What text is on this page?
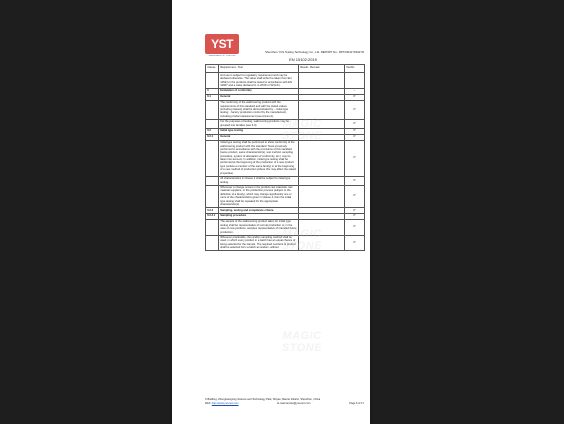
YST
SHENZHEN YST TESTING
Shenzhen YCS Testing Technology Co., Ltd. REPORT No.: RPT2304170344YR
EN 15102:2019
Clause	Requirement - Test	Result - Remark	Verdict
	end use is subject to regulatory requirement and may be declared otherwise. The value shall either be taken from EN 12524 or the products shall be tested in accordance with EN 12667 and a value declared in m·2K/W or W/(mK).		
6	Evaluation of conformity		–
6.1	General		P
	The conformity of the wallcovering product with the requirements of this standard and with the stated values (including classes) shall be demonstrated by: - initial type testing; - factory production control by the manufacturer, including product assessment (see Annex A).		P
	For the purposes of testing, wallcovering products may be grouped into families (see 6.3).		P
6.2	Initial type testing		P
6.2.1	General		P
	Initial type testing shall be performed to show conformity of the wallcovering product with this standard. Tests previously performed in accordance with the provisions of this standard (same product, same characteristic(s), test method, sampling procedure, system of attestation of conformity, etc.) may be taken into account. In addition, initial type testing shall be performed at the beginning of the production of a new product type (unless a member of the same family) or at the beginning of a new method of production (where this may affect the stated properties).		P
	All characteristics in Clause 4 shall be subject to initial type testing.		P
	Whenever a change occurs in the product raw materials, raw material suppliers, or the production process (subject to the definition of a family), which may change significantly one or more of the characteristics given in Clause 4, then the initial type testing shall be repeated for the appropriate characteristic(s).		P
6.2.2	Sampling, testing and compliance criteria		P
6.2.2.1	Sampling procedure		P
	The sample of the wallcovering product taken for initial type testing shall be representative of normal production or, in the case of new products, samples representative of intended future production.		P
	Wherever practicable, the random sampling method shall be used, in which every product in a batch has an equal chance of being selected for the sample. The required numbers of product shall be selected from a batch at random, without		P
MAGIC STONE
MAGIC STONE
MAGIC STONE
X Building, ZhongGangxing Science and Technology Park, Shiyan, Bao'an District, Shenzhen, China
Web: http://www.yst-cert.com	E-mail:service@yst-cert.com	Page 6 of 17
